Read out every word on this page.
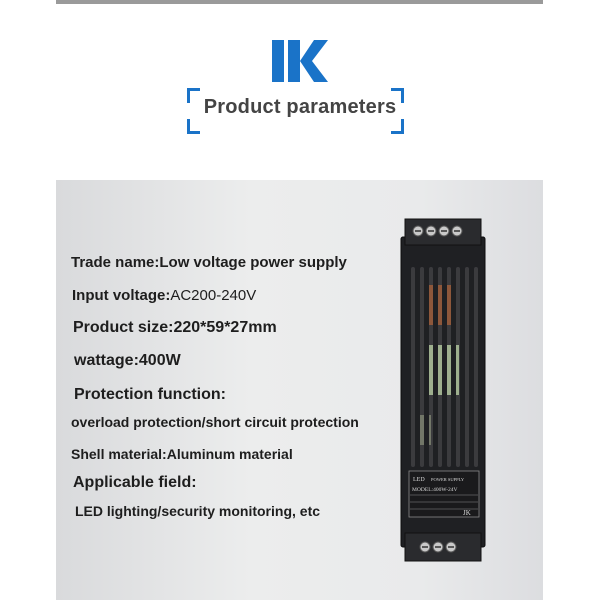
Product parameters
Trade name:Low voltage power supply
Input voltage:AC200-240V
Product size:220*59*27mm
wattage:400W
Protection function:
overload protection/short circuit protection
Shell material:Aluminum material
Applicable field:
LED lighting/security monitoring, etc
LED POWER SUPPLY
MODEL:400W-24V
JK
